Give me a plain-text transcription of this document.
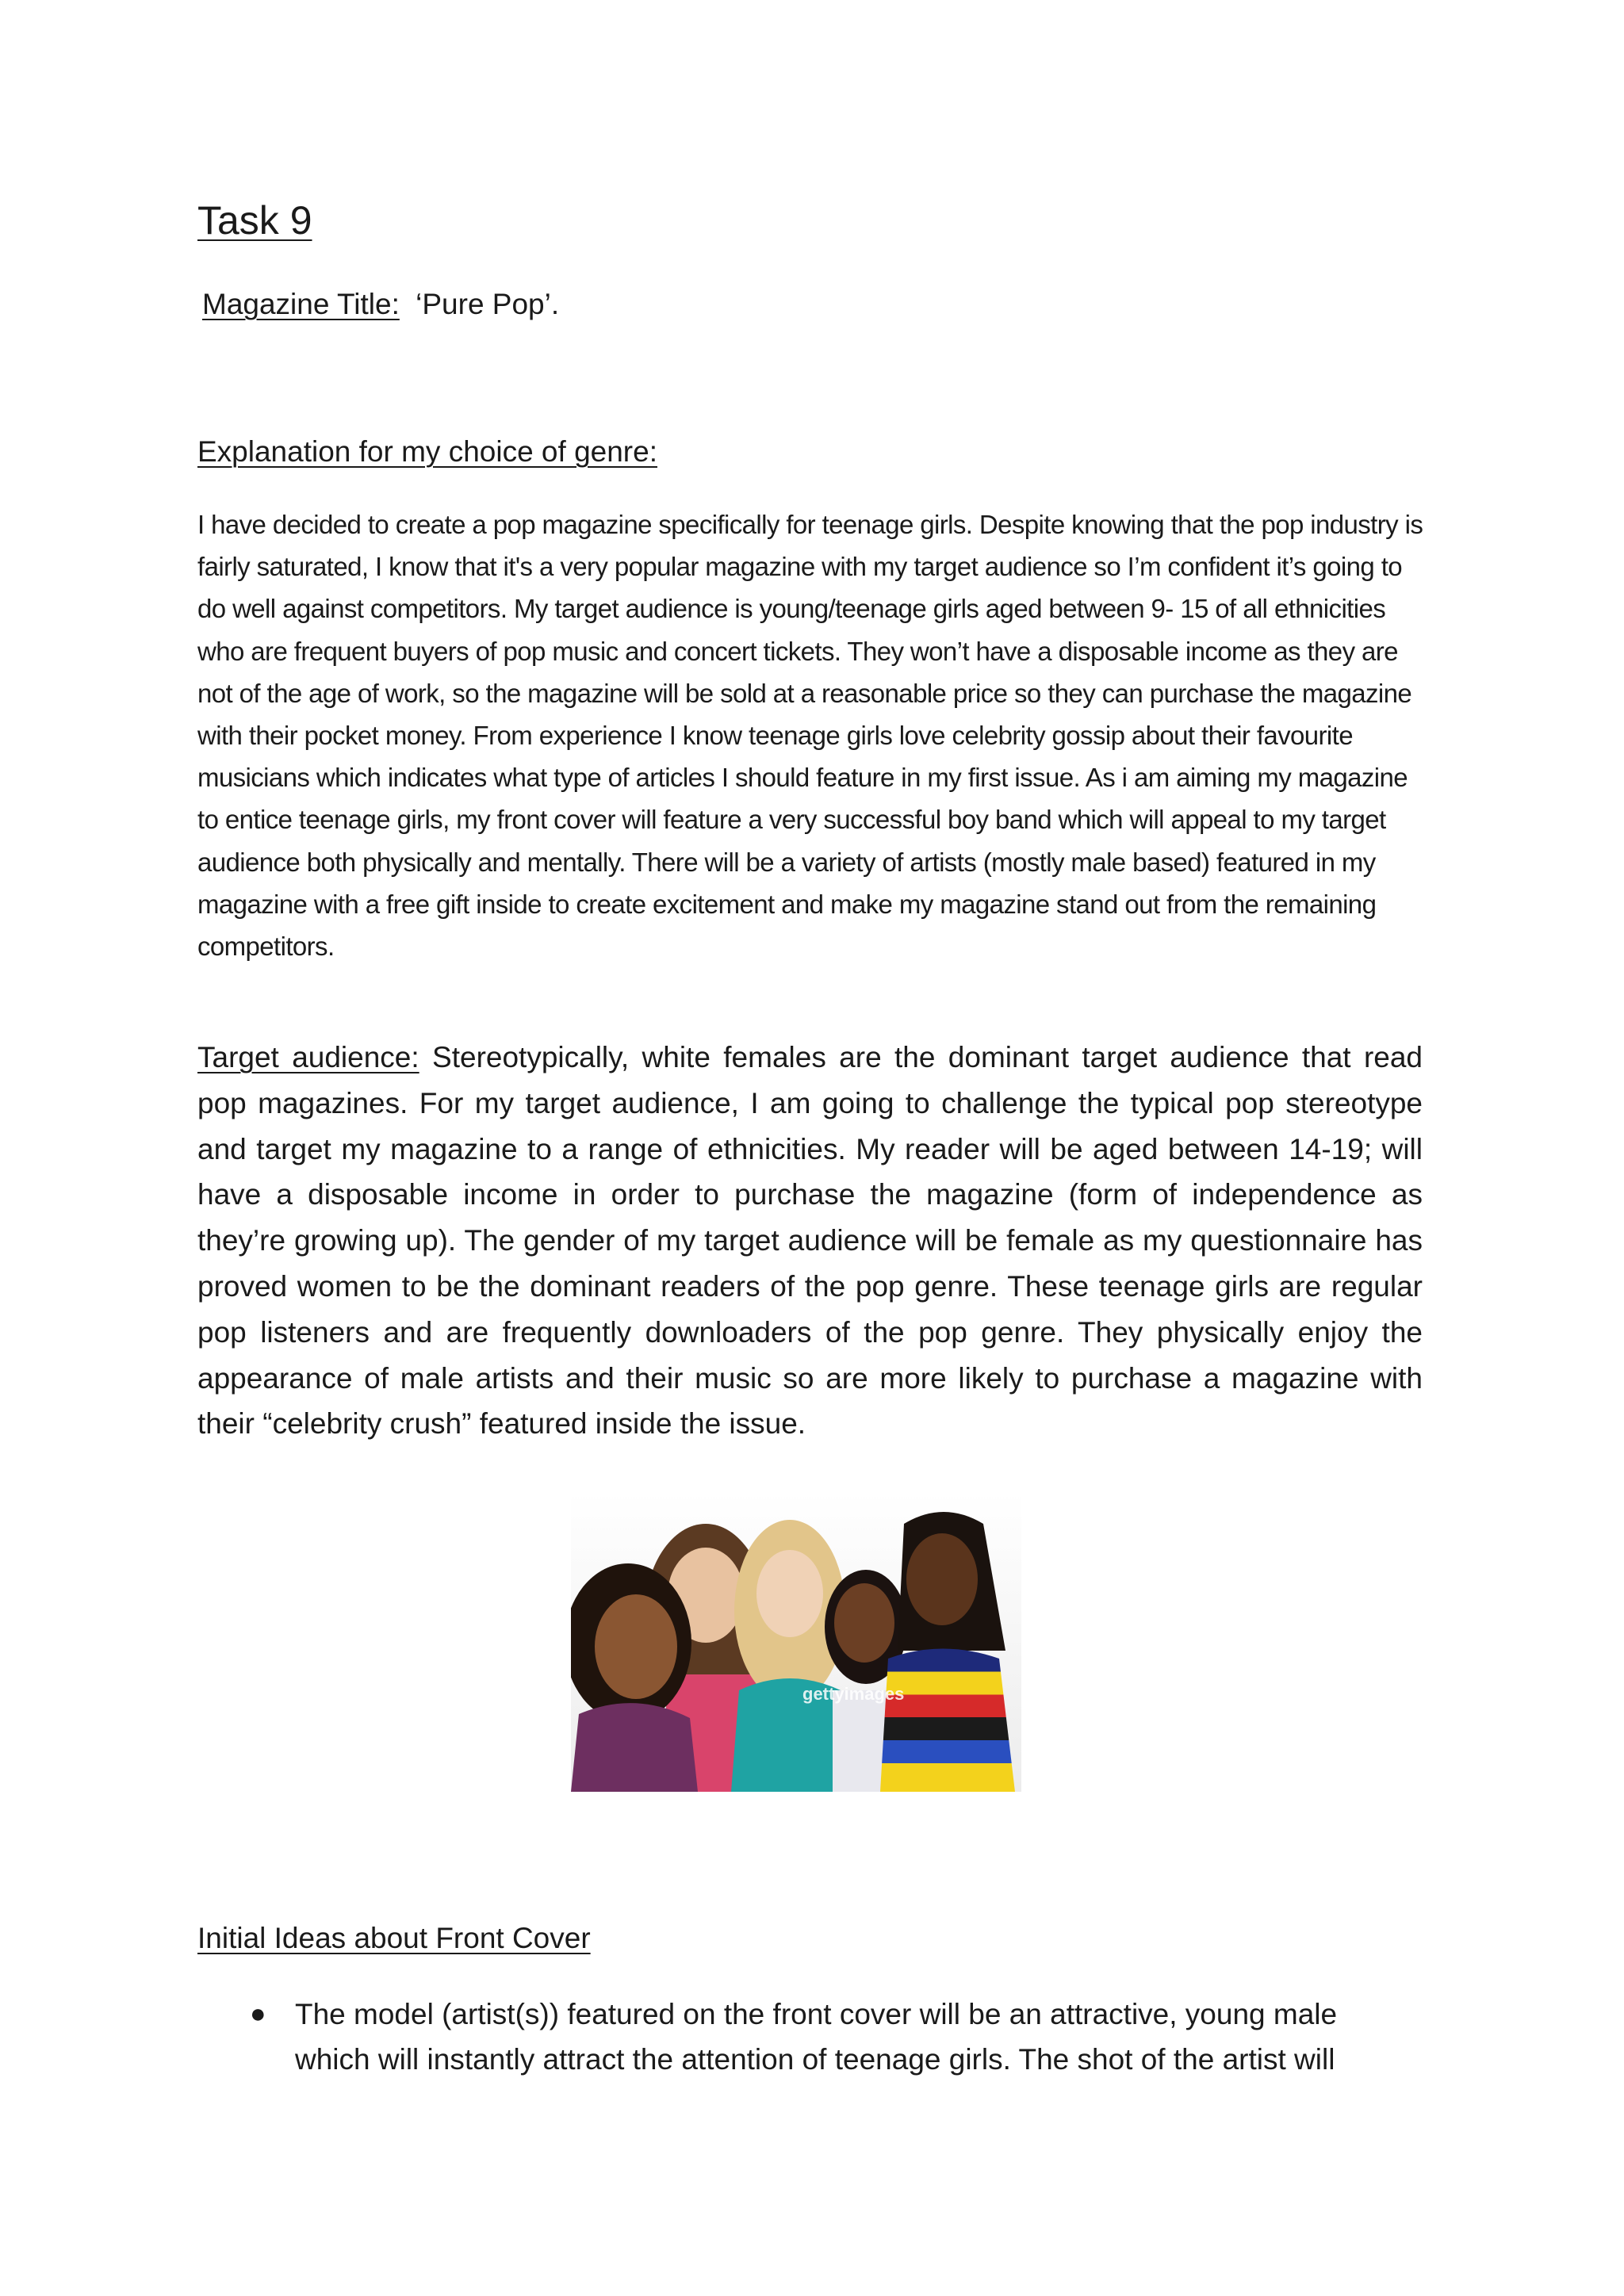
Task 9
Magazine Title: ‘Pure Pop’.
Explanation for my choice of genre:

I have decided to create a pop magazine specifically for teenage girls. Despite knowing that the pop industry is fairly saturated, I know that it's a very popular magazine with my target audience so I’m confident it’s going to do well against competitors. My target audience is young/teenage girls aged between 9- 15 of all ethnicities who are frequent buyers of pop music and concert tickets. They won’t have a disposable income as they are not of the age of work, so the magazine will be sold at a reasonable price so they can purchase the magazine with their pocket money. From experience I know teenage girls love celebrity gossip about their favourite musicians which indicates what type of articles I should feature in my first issue. As i am aiming my magazine to entice teenage girls, my front cover will feature a very successful boy band which will appeal to my target audience both physically and mentally. There will be a variety of artists (mostly male based) featured in my magazine with a free gift inside to create excitement and make my magazine stand out from the remaining competitors.

Target audience: Stereotypically, white females are the dominant target audience that read pop magazines. For my target audience, I am going to challenge the typical pop stereotype and target my magazine to a range of ethnicities. My reader will be aged between 14-19; will have a disposable income in order to purchase the magazine (form of independence as they’re growing up). The gender of my target audience will be female as my questionnaire has proved women to be the dominant readers of the pop genre. These teenage girls are regular pop listeners and are frequently downloaders of the pop genre. They physically enjoy the appearance of male artists and their music so are more likely to purchase a magazine with their “celebrity crush” featured inside the issue.

gettyimages
Initial Ideas about Front Cover
● The model (artist(s)) featured on the front cover will be an attractive, young male which will instantly attract the attention of teenage girls. The shot of the artist will
